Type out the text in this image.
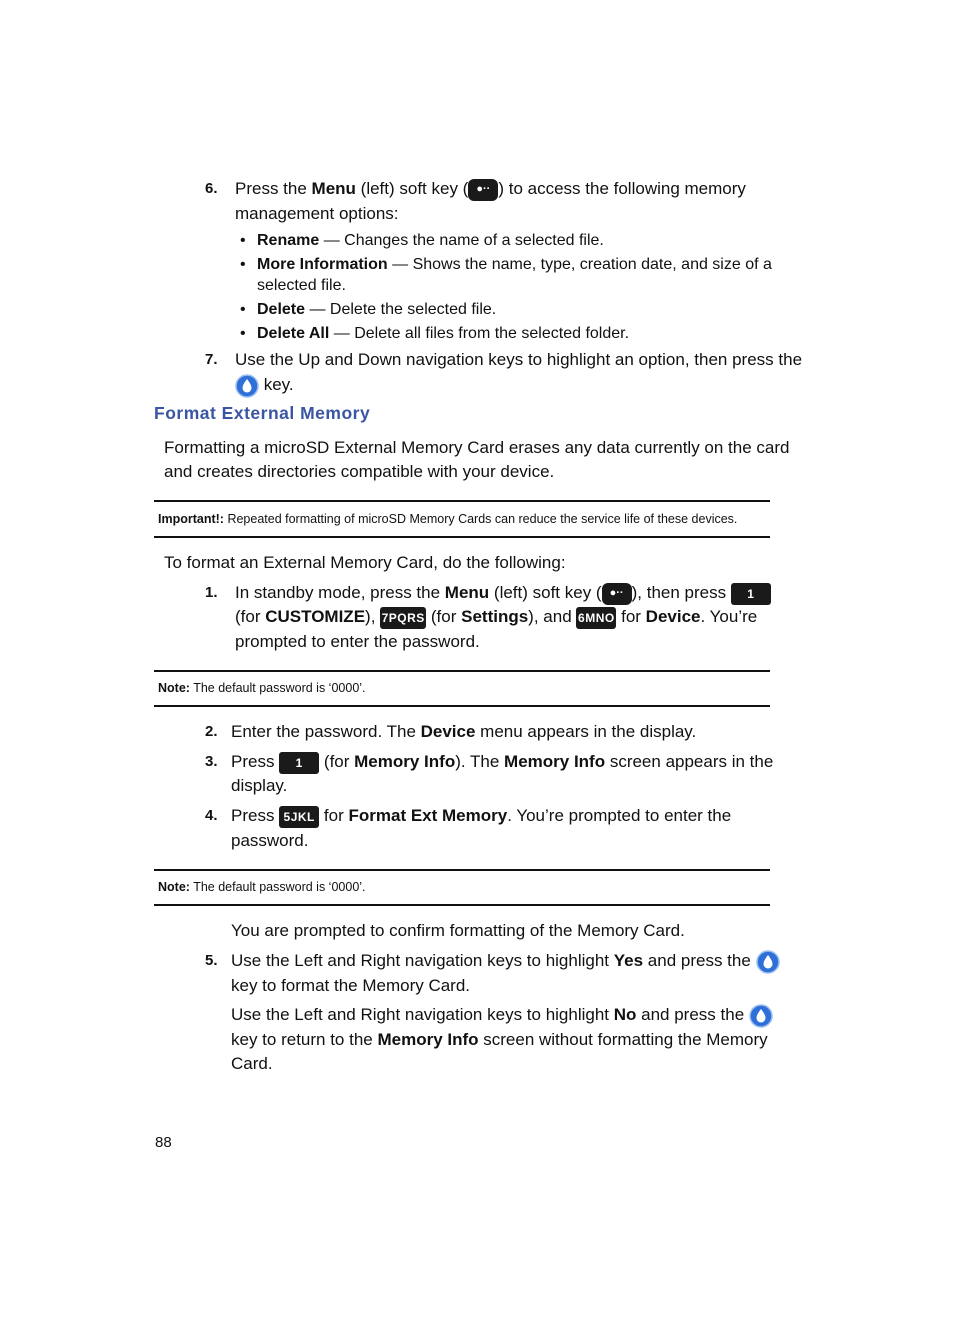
6. Press the Menu (left) soft key ( ●·· ) to access the following memory
management options:
• Rename — Changes the name of a selected file.
• More Information — Shows the name, type, creation date, and size of a
selected file.
• Delete — Delete the selected file.
• Delete All — Delete all files from the selected folder.
7. Use the Up and Down navigation keys to highlight an option, then press the
key.
Format External Memory
Formatting a microSD External Memory Card erases any data currently on the card
and creates directories compatible with your device.
Important!: Repeated formatting of microSD Memory Cards can reduce the service life of these devices.
To format an External Memory Card, do the following:
1. In standby mode, press the Menu (left) soft key ( ●·· ), then press 1
(for CUSTOMIZE), 7PQRS (for Settings), and 6MNO for Device. You’re
prompted to enter the password.
Note: The default password is ‘0000’.
2. Enter the password. The Device menu appears in the display.
3. Press 1 (for Memory Info). The Memory Info screen appears in the
display.
4. Press 5JKL for Format Ext Memory. You’re prompted to enter the
password.
Note: The default password is ‘0000’.
You are prompted to confirm formatting of the Memory Card.
5. Use the Left and Right navigation keys to highlight Yes and press the
key to format the Memory Card.
Use the Left and Right navigation keys to highlight No and press the
key to return to the Memory Info screen without formatting the Memory
Card.
88
